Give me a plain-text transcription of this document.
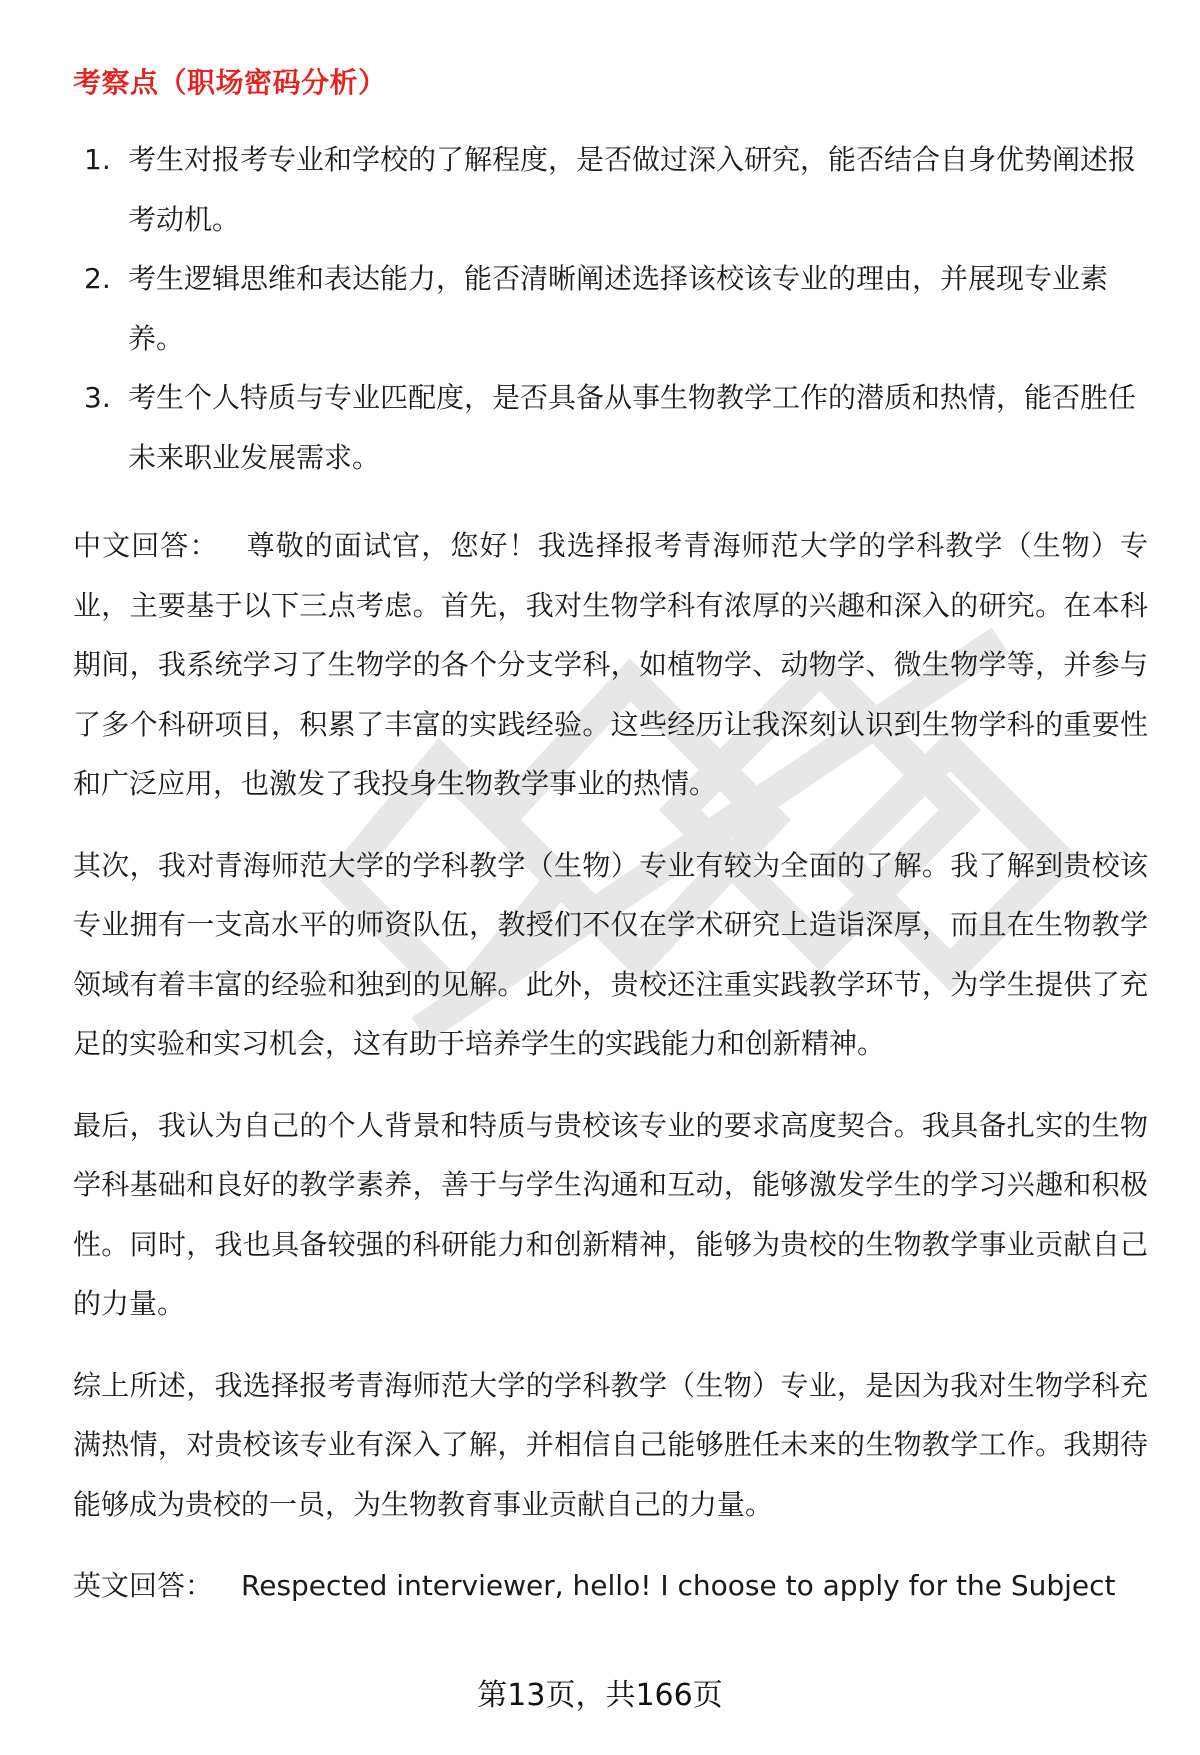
考察点（职场密码分析）
1. 考生对报考专业和学校的了解程度，是否做过深入研究，能否结合自身优势阐述报考动机。
2. 考生逻辑思维和表达能力，能否清晰阐述选择该校该专业的理由，并展现专业素养。
3. 考生个人特质与专业匹配度，是否具备从事生物教学工作的潜质和热情，能否胜任未来职业发展需求。

中文回答： 尊敬的面试官，您好！我选择报考青海师范大学的学科教学（生物）专业，主要基于以下三点考虑。首先，我对生物学科有浓厚的兴趣和深入的研究。在本科期间，我系统学习了生物学的各个分支学科，如植物学、动物学、微生物学等，并参与了多个科研项目，积累了丰富的实践经验。这些经历让我深刻认识到生物学科的重要性和广泛应用，也激发了我投身生物教学事业的热情。

其次，我对青海师范大学的学科教学（生物）专业有较为全面的了解。我了解到贵校该专业拥有一支高水平的师资队伍，教授们不仅在学术研究上造诣深厚，而且在生物教学领域有着丰富的经验和独到的见解。此外，贵校还注重实践教学环节，为学生提供了充足的实验和实习机会，这有助于培养学生的实践能力和创新精神。

最后，我认为自己的个人背景和特质与贵校该专业的要求高度契合。我具备扎实的生物学科基础和良好的教学素养，善于与学生沟通和互动，能够激发学生的学习兴趣和积极性。同时，我也具备较强的科研能力和创新精神，能够为贵校的生物教学事业贡献自己的力量。

综上所述，我选择报考青海师范大学的学科教学（生物）专业，是因为我对生物学科充满热情，对贵校该专业有深入了解，并相信自己能够胜任未来的生物教学工作。我期待能够成为贵校的一员，为生物教育事业贡献自己的力量。

英文回答： Respected interviewer, hello! I choose to apply for the Subject

第13页，共166页
